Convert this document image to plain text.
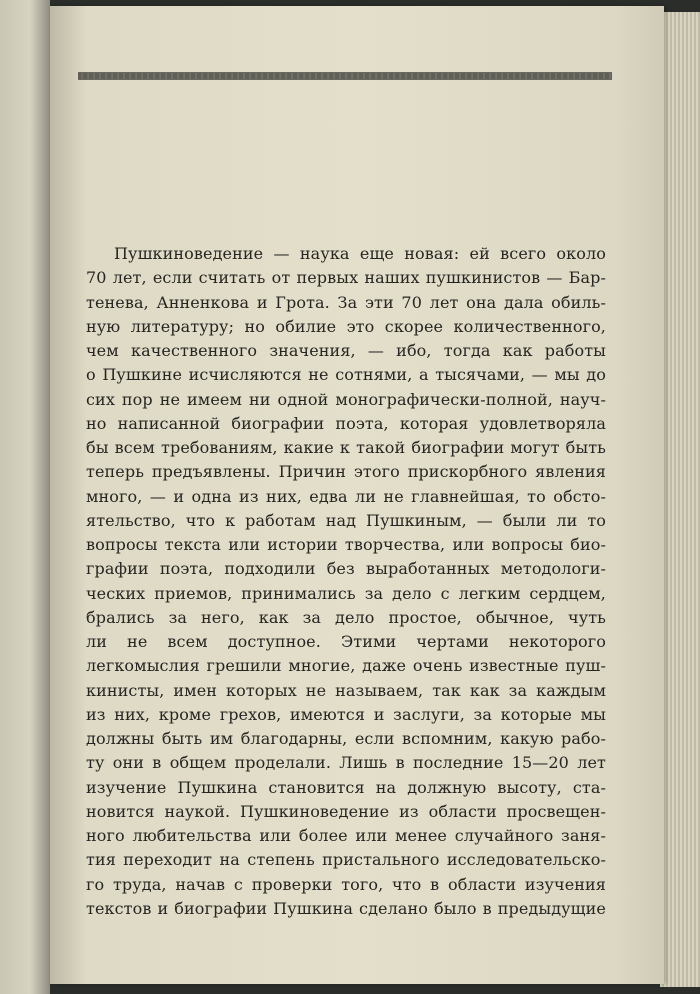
Пушкиноведение — наука еще новая: ей всего около
70 лет, если считать от первых наших пушкинистов — Бар-
тенева, Анненкова и Грота. За эти 70 лет она дала обиль-
ную литературу; но обилие это скорее количественного,
чем качественного значения, — ибо, тогда как работы
о Пушкине исчисляются не сотнями, а тысячами, — мы до
сих пор не имеем ни одной монографически-полной, науч-
но написанной биографии поэта, которая удовлетворяла
бы всем требованиям, какие к такой биографии могут быть
теперь предъявлены. Причин этого прискорбного явления
много, — и одна из них, едва ли не главнейшая, то обсто-
ятельство, что к работам над Пушкиным, — были ли то
вопросы текста или истории творчества, или вопросы био-
графии поэта, подходили без выработанных методологи-
ческих приемов, принимались за дело с легким сердцем,
брались за него, как за дело простое, обычное, чуть
ли не всем доступное. Этими чертами некоторого
легкомыслия грешили многие, даже очень известные пуш-
кинисты, имен которых не называем, так как за каждым
из них, кроме грехов, имеются и заслуги, за которые мы
должны быть им благодарны, если вспомним, какую рабо-
ту они в общем проделали. Лишь в последние 15—20 лет
изучение Пушкина становится на должную высоту, ста-
новится наукой. Пушкиноведение из области просвещен-
ного любительства или более или менее случайного заня-
тия переходит на степень пристального исследовательско-
го труда, начав с проверки того, что в области изучения
текстов и биографии Пушкина сделано было в предыдущие
